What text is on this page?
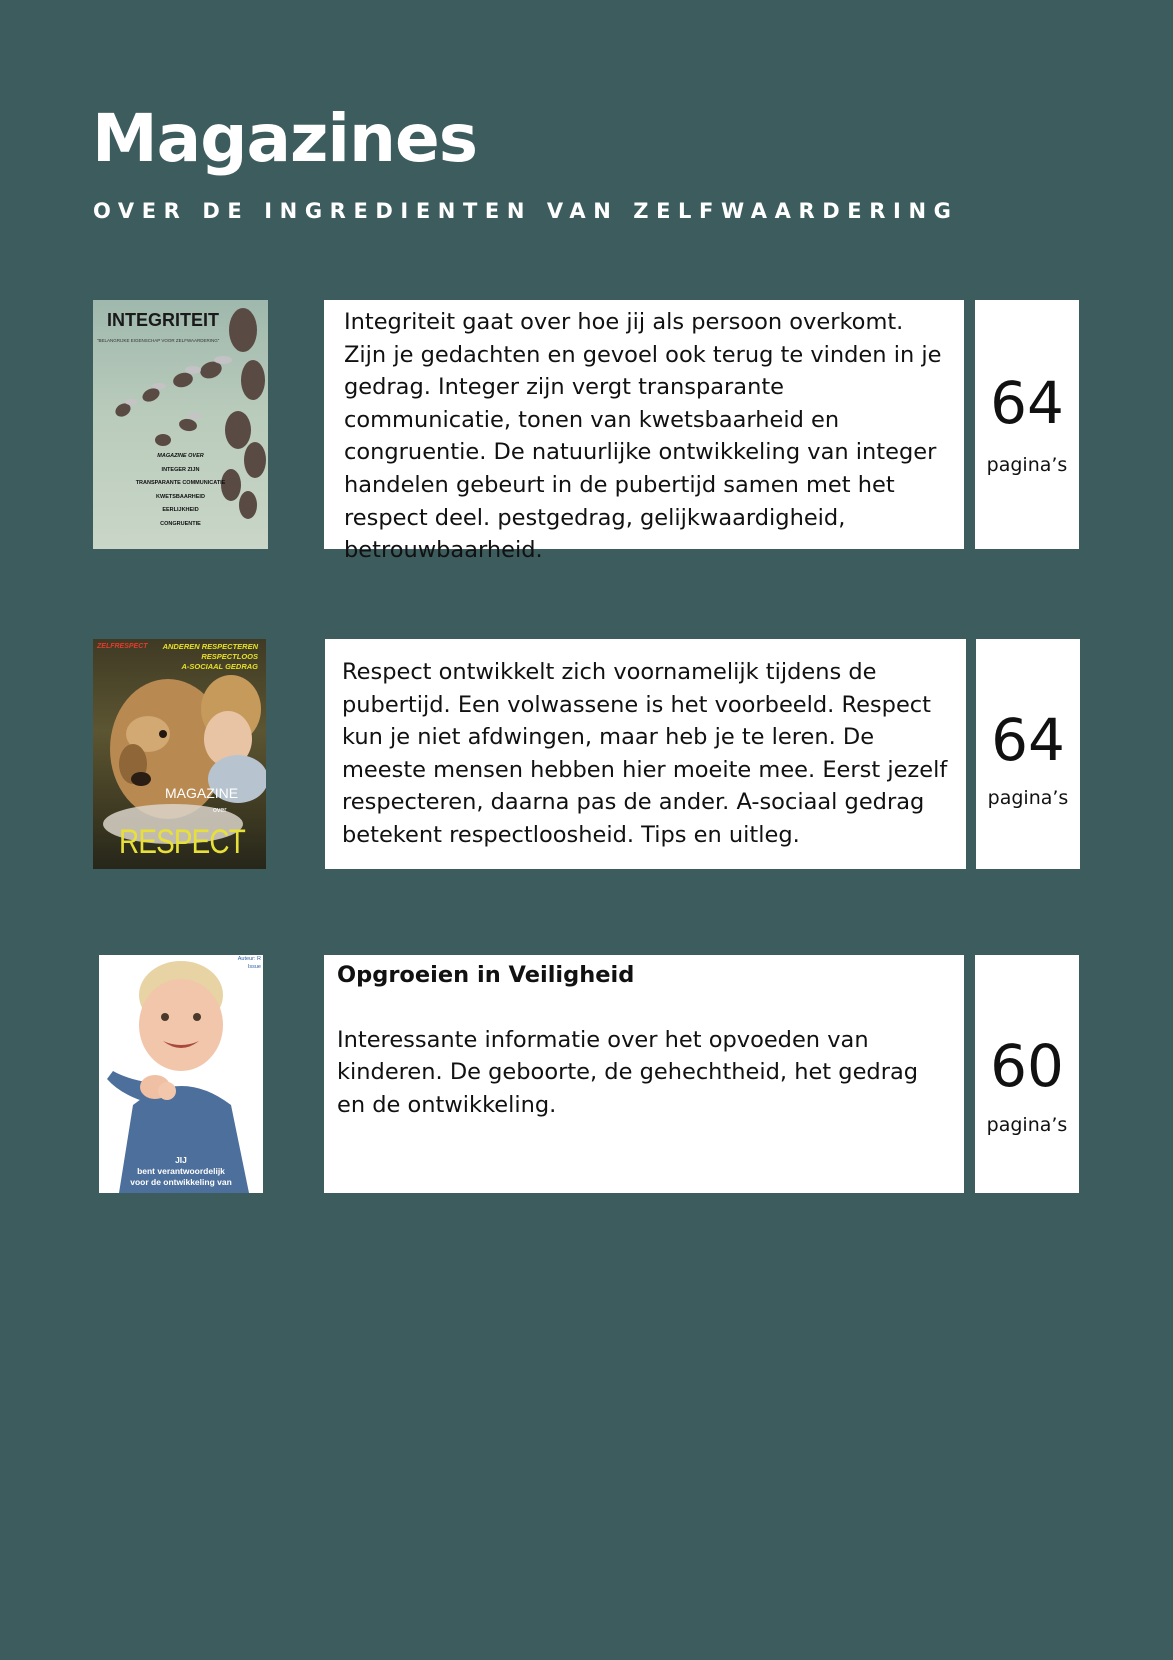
Magazines

OVER DE INGREDIENTEN VAN ZELFWAARDERING

INTEGRITEIT
“BELANGRIJKE EIGENSCHAP VOOR ZELFWAARDERING”
MAGAZINE OVER
INTEGER ZIJN
TRANSPARANTE COMMUNICATIE
KWETSBAARHEID
EERLIJKHEID
CONGRUENTIE
Integriteit gaat over hoe jij als persoon overkomt. Zijn je gedachten en gevoel ook terug te vinden in je gedrag. Integer zijn vergt transparante communicatie, tonen van kwetsbaarheid en congruentie. De natuurlijke ontwikkeling van integer handelen gebeurt in de pubertijd samen met het respect deel. pestgedrag, gelijkwaardigheid, betrouwbaarheid.
64
pagina’s
ZELFRESPECT ANDEREN RESPECTEREN
RESPECTLOOS
A-SOCIAAL GEDRAG
MAGAZINE
over
RESPECT
Respect ontwikkelt zich voornamelijk tijdens de pubertijd. Een volwassene is het voorbeeld. Respect kun je niet afdwingen, maar heb je te leren. De meeste mensen hebben hier moeite mee. Eerst jezelf respecteren, daarna pas de ander. A-sociaal gedrag betekent respectloosheid. Tips en uitleg.
64
pagina’s
Auteur: R
Issue
JIJ
bent verantwoordelijk
voor de ontwikkeling van
Opgroeien in Veiligheid
Interessante informatie over het opvoeden van kinderen. De geboorte, de gehechtheid, het gedrag en de ontwikkeling.
60
pagina’s
